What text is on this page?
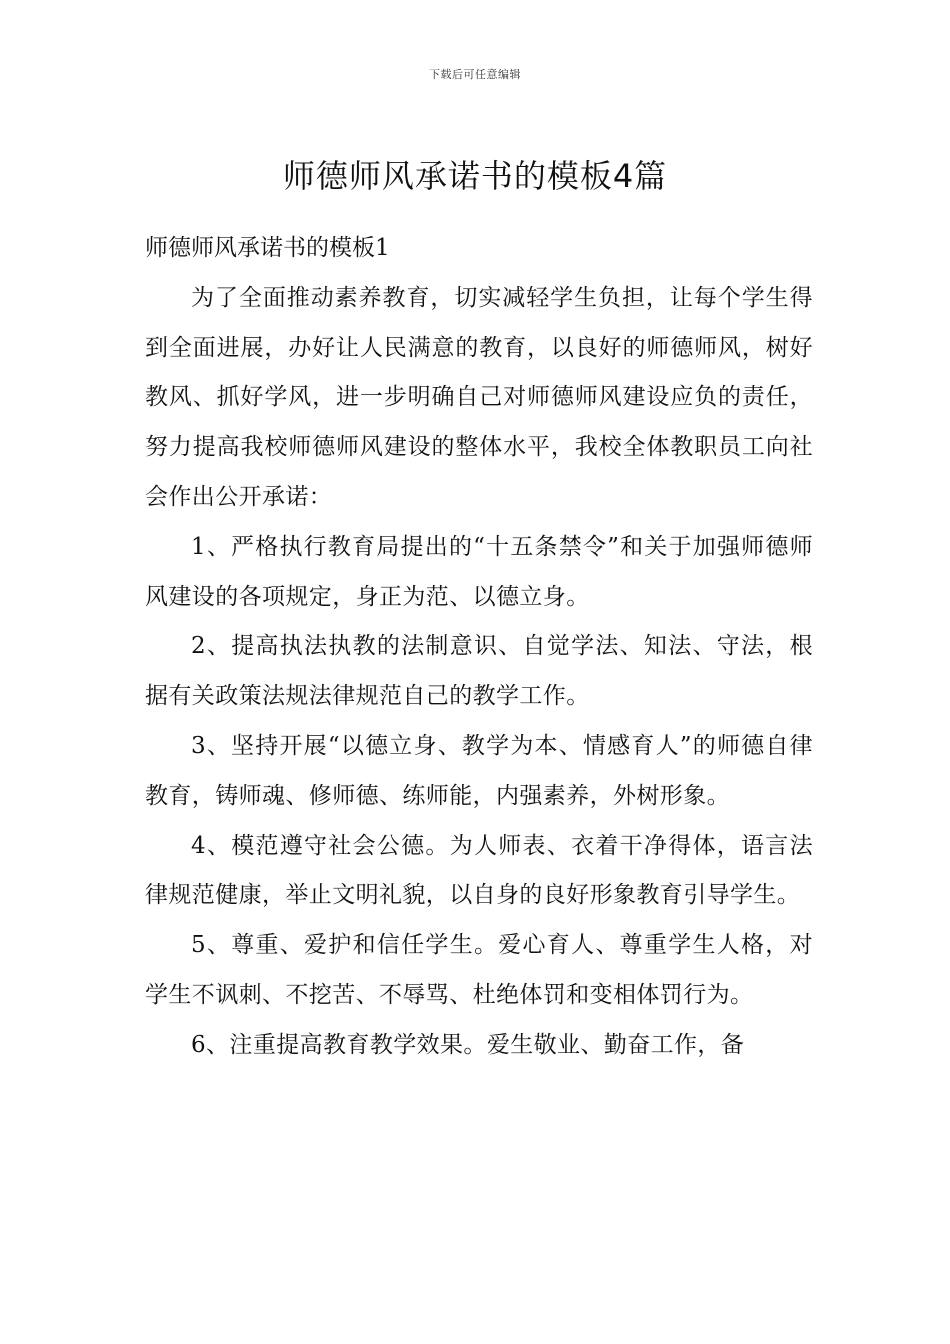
下载后可任意编辑
师德师风承诺书的模板4篇

师德师风承诺书的模板1

为了全面推动素养教育，切实减轻学生负担，让每个学生得到全面进展，办好让人民满意的教育，以良好的师德师风，树好教风、抓好学风，进一步明确自己对师德师风建设应负的责任，努力提高我校师德师风建设的整体水平，我校全体教职员工向社会作出公开承诺：

1、严格执行教育局提出的“十五条禁令”和关于加强师德师风建设的各项规定，身正为范、以德立身。

2、提高执法执教的法制意识、自觉学法、知法、守法，根据有关政策法规法律规范自己的教学工作。

3、坚持开展“以德立身、教学为本、情感育人”的师德自律教育，铸师魂、修师德、练师能，内强素养，外树形象。

4、模范遵守社会公德。为人师表、衣着干净得体，语言法律规范健康，举止文明礼貌，以自身的良好形象教育引导学生。

5、尊重、爱护和信任学生。爱心育人、尊重学生人格，对学生不讽刺、不挖苦、不辱骂、杜绝体罚和变相体罚行为。

6、注重提高教育教学效果。爱生敬业、勤奋工作，备
